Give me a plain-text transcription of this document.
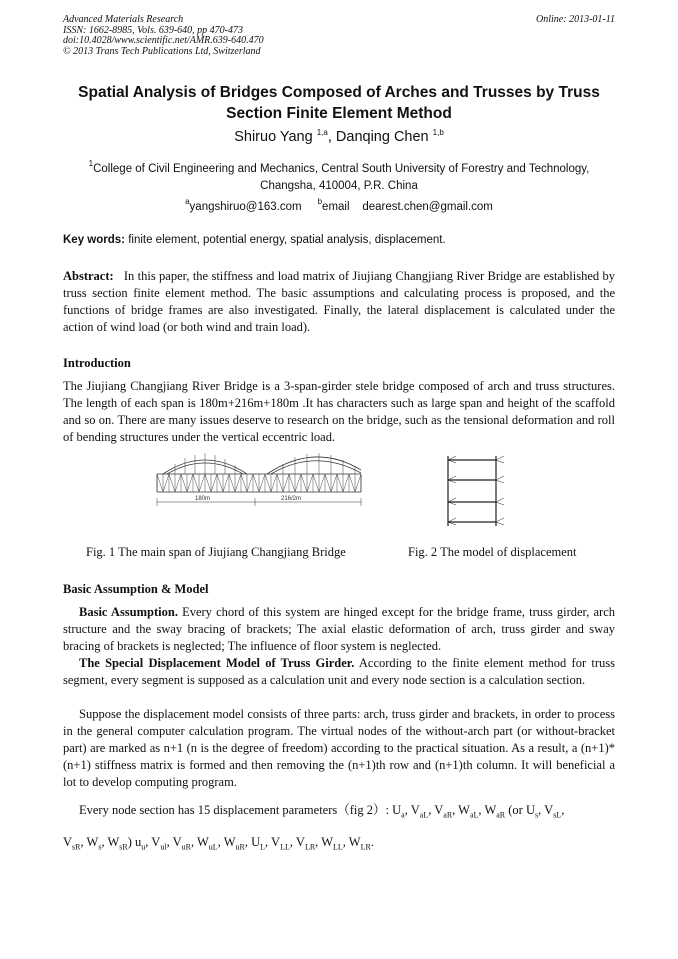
Advanced Materials Research
ISSN: 1662-8985, Vols. 639-640, pp 470-473
doi:10.4028/www.scientific.net/AMR.639-640.470
© 2013 Trans Tech Publications Ltd, Switzerland
Online: 2013-01-11
Spatial Analysis of Bridges Composed of Arches and Trusses by Truss
Section Finite Element Method
Shiruo Yang $^{1,a}$, Danqing Chen $^{1,b}$
$^1$College of Civil Engineering and Mechanics, Central South University of Forestry and Technology,
Changsha, 410004, P.R. China
$^a$yangshiruo@163.com $^b$email dearest.chen@gmail.com
Key words: finite element, potential energy, spatial analysis, displacement.
Abstract:   In this paper, the stiffness and load matrix of Jiujiang Changjiang River Bridge are established by truss section finite element method. The basic assumptions and calculating process is proposed, and the functions of bridge frames are also investigated. Finally, the lateral displacement is calculated under the action of wind load (or both wind and train load).
Introduction
The Jiujiang Changjiang River Bridge is a 3-span-girder stele bridge composed of arch and truss structures. The length of each span is 180m+216m+180m .It has characters such as large span and height of the scaffold and so on. There are many issues deserve to research on the bridge, such as the tensional deformation and roll of bending structures under the vertical eccentric load.
180m	216/2m
Fig. 1 The main span of Jiujiang Changjiang Bridge	Fig. 2 The model of displacement
Basic Assumption & Model
Basic Assumption. Every chord of this system are hinged except for the bridge frame, truss girder, arch structure and the sway bracing of brackets; The axial elastic deformation of arch, truss girder and sway bracing of brackets is neglected; The influence of floor system is neglected.
The Special Displacement Model of Truss Girder. According to the finite element method for truss segment, every segment is supposed as a calculation unit and every node section is a calculation section.
Suppose the displacement model consists of three parts: arch, truss girder and brackets, in order to process in the general computer calculation program. The virtual nodes of the without-arch part (or without-bracket part) are marked as n+1 (n is the degree of freedom) according to the practical situation. As a result, a (n+1)*(n+1) stiffness matrix is formed and then removing the (n+1)th row and (n+1)th column. It will beneficial a lot to develop computing program.
Every node section has 15 displacement parameters（fig 2）: $U_a$, $V_{aL}$, $V_{aR}$, $W_{aL}$, $W_{aR}$ (or $U_s$, $V_{sL}$,
$V_{sR}$, $W_s$, $W_{sR}$) $u_u$, $V_{ul}$, $V_{uR}$, $W_{uL}$, $W_{uR}$, $U_L$, $V_{LL}$, $V_{LR}$, $W_{LL}$, $W_{LR}$.
